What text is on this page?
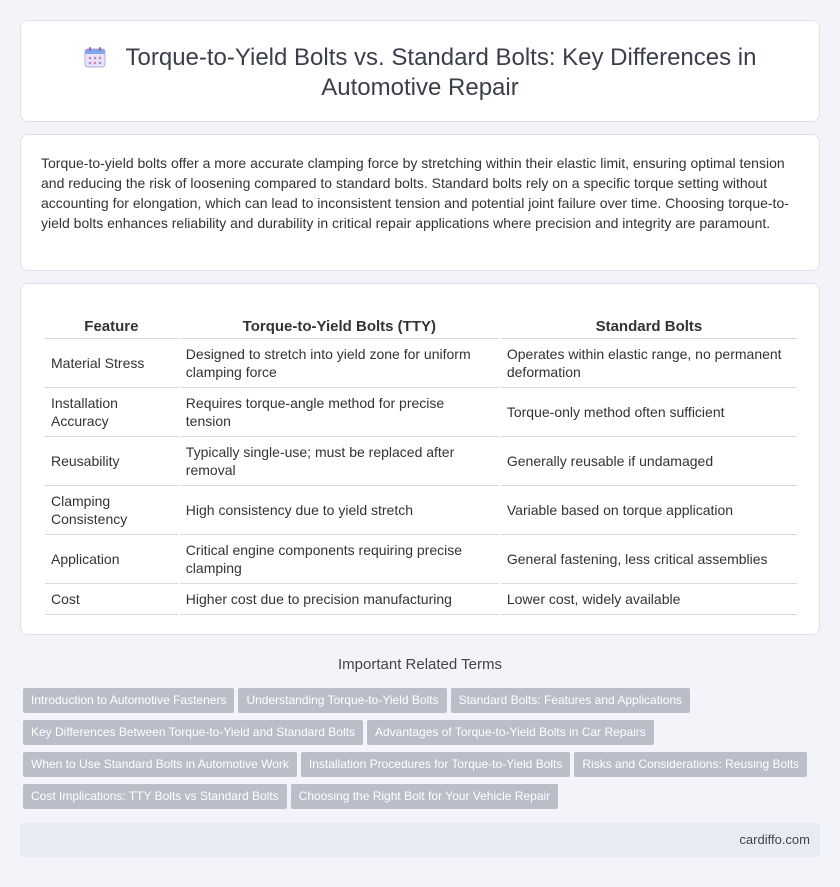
Torque-to-Yield Bolts vs. Standard Bolts: Key Differences in Automotive Repair

Torque-to-yield bolts offer a more accurate clamping force by stretching within their elastic limit, ensuring optimal tension and reducing the risk of loosening compared to standard bolts. Standard bolts rely on a specific torque setting without accounting for elongation, which can lead to inconsistent tension and potential joint failure over time. Choosing torque-to-yield bolts enhances reliability and durability in critical repair applications where precision and integrity are paramount.

Feature	Torque-to-Yield Bolts (TTY)	Standard Bolts
Material Stress	Designed to stretch into yield zone for uniform clamping force	Operates within elastic range, no permanent deformation
Installation Accuracy	Requires torque-angle method for precise tension	Torque-only method often sufficient
Reusability	Typically single-use; must be replaced after removal	Generally reusable if undamaged
Clamping Consistency	High consistency due to yield stretch	Variable based on torque application
Application	Critical engine components requiring precise clamping	General fastening, less critical assemblies
Cost	Higher cost due to precision manufacturing	Lower cost, widely available
Important Related Terms
Introduction to Automotive Fasteners Understanding Torque-to-Yield Bolts Standard Bolts: Features and Applications
Key Differences Between Torque-to-Yield and Standard Bolts Advantages of Torque-to-Yield Bolts in Car Repairs
When to Use Standard Bolts in Automotive Work Installation Procedures for Torque-to-Yield Bolts Risks and Considerations: Reusing Bolts
Cost Implications: TTY Bolts vs Standard Bolts Choosing the Right Bolt for Your Vehicle Repair
cardiffo.com
